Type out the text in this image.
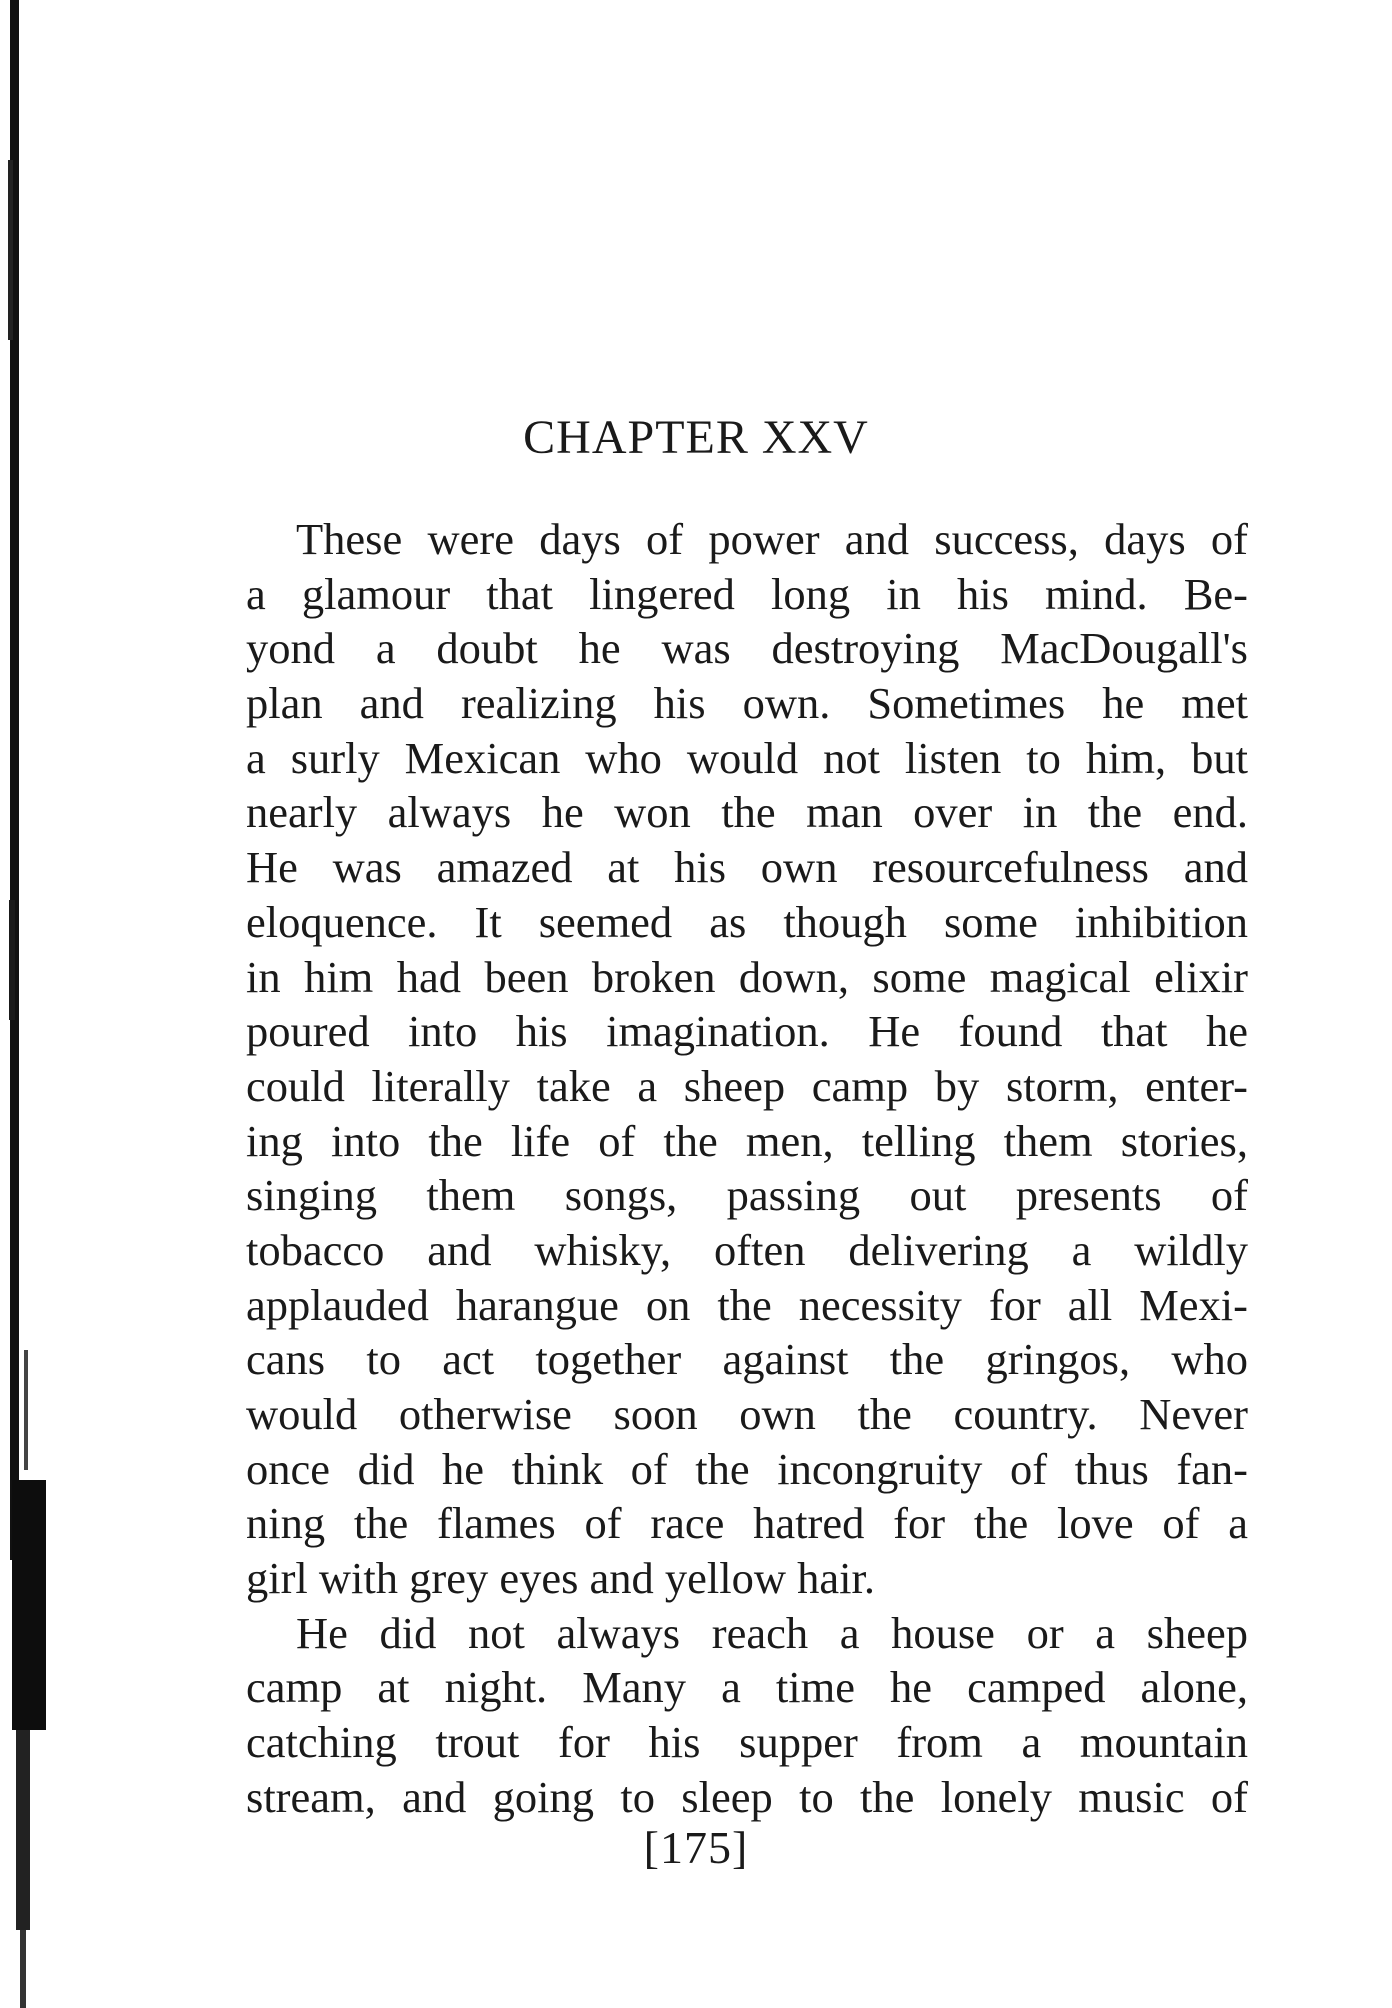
CHAPTER XXV
These were days of power and success, days of
a glamour that lingered long in his mind. Be-
yond a doubt he was destroying MacDougall's
plan and realizing his own. Sometimes he met
a surly Mexican who would not listen to him, but
nearly always he won the man over in the end.
He was amazed at his own resourcefulness and
eloquence. It seemed as though some inhibition
in him had been broken down, some magical elixir
poured into his imagination. He found that he
could literally take a sheep camp by storm, enter-
ing into the life of the men, telling them stories,
singing them songs, passing out presents of
tobacco and whisky, often delivering a wildly
applauded harangue on the necessity for all Mexi-
cans to act together against the gringos, who
would otherwise soon own the country. Never
once did he think of the incongruity of thus fan-
ning the flames of race hatred for the love of a
girl with grey eyes and yellow hair.
He did not always reach a house or a sheep
camp at night. Many a time he camped alone,
catching trout for his supper from a mountain
stream, and going to sleep to the lonely music of
[175]
